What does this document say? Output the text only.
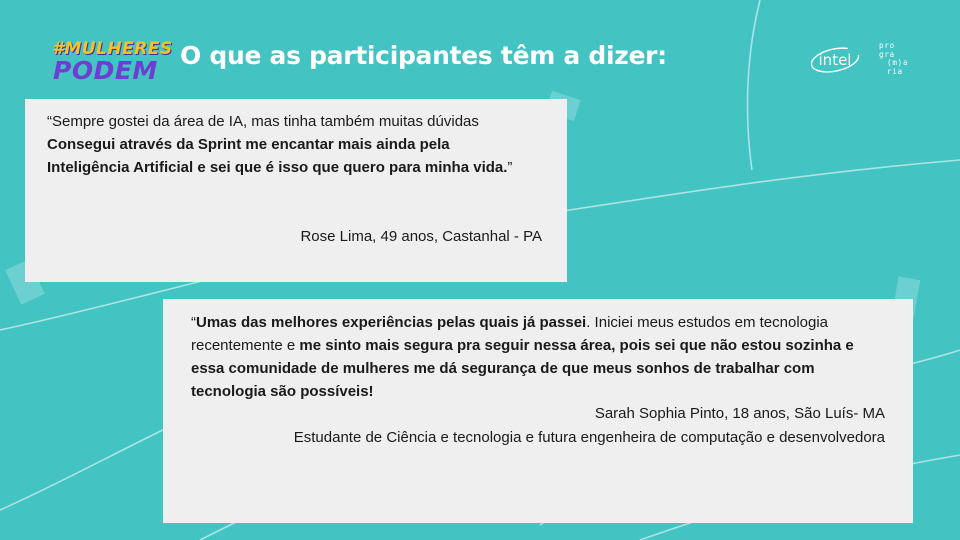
#MULHERES
PODEM
O que as participantes têm a dizer:	intel
pro
gra
(m)a
ria
“Sempre gostei da área de IA, mas tinha também muitas dúvidas Consegui através da Sprint me encantar mais ainda pela Inteligência Artificial e sei que é isso que quero para minha vida.”
Rose Lima, 49 anos, Castanhal - PA
“Umas das melhores experiências pelas quais já passei. Iniciei meus estudos em tecnologia recentemente e me sinto mais segura pra seguir nessa área, pois sei que não estou sozinha e essa comunidade de mulheres me dá segurança de que meus sonhos de trabalhar com tecnologia são possíveis!
Sarah Sophia Pinto, 18 anos, São Luís- MA
Estudante de Ciência e tecnologia e futura engenheira de computação e desenvolvedora
